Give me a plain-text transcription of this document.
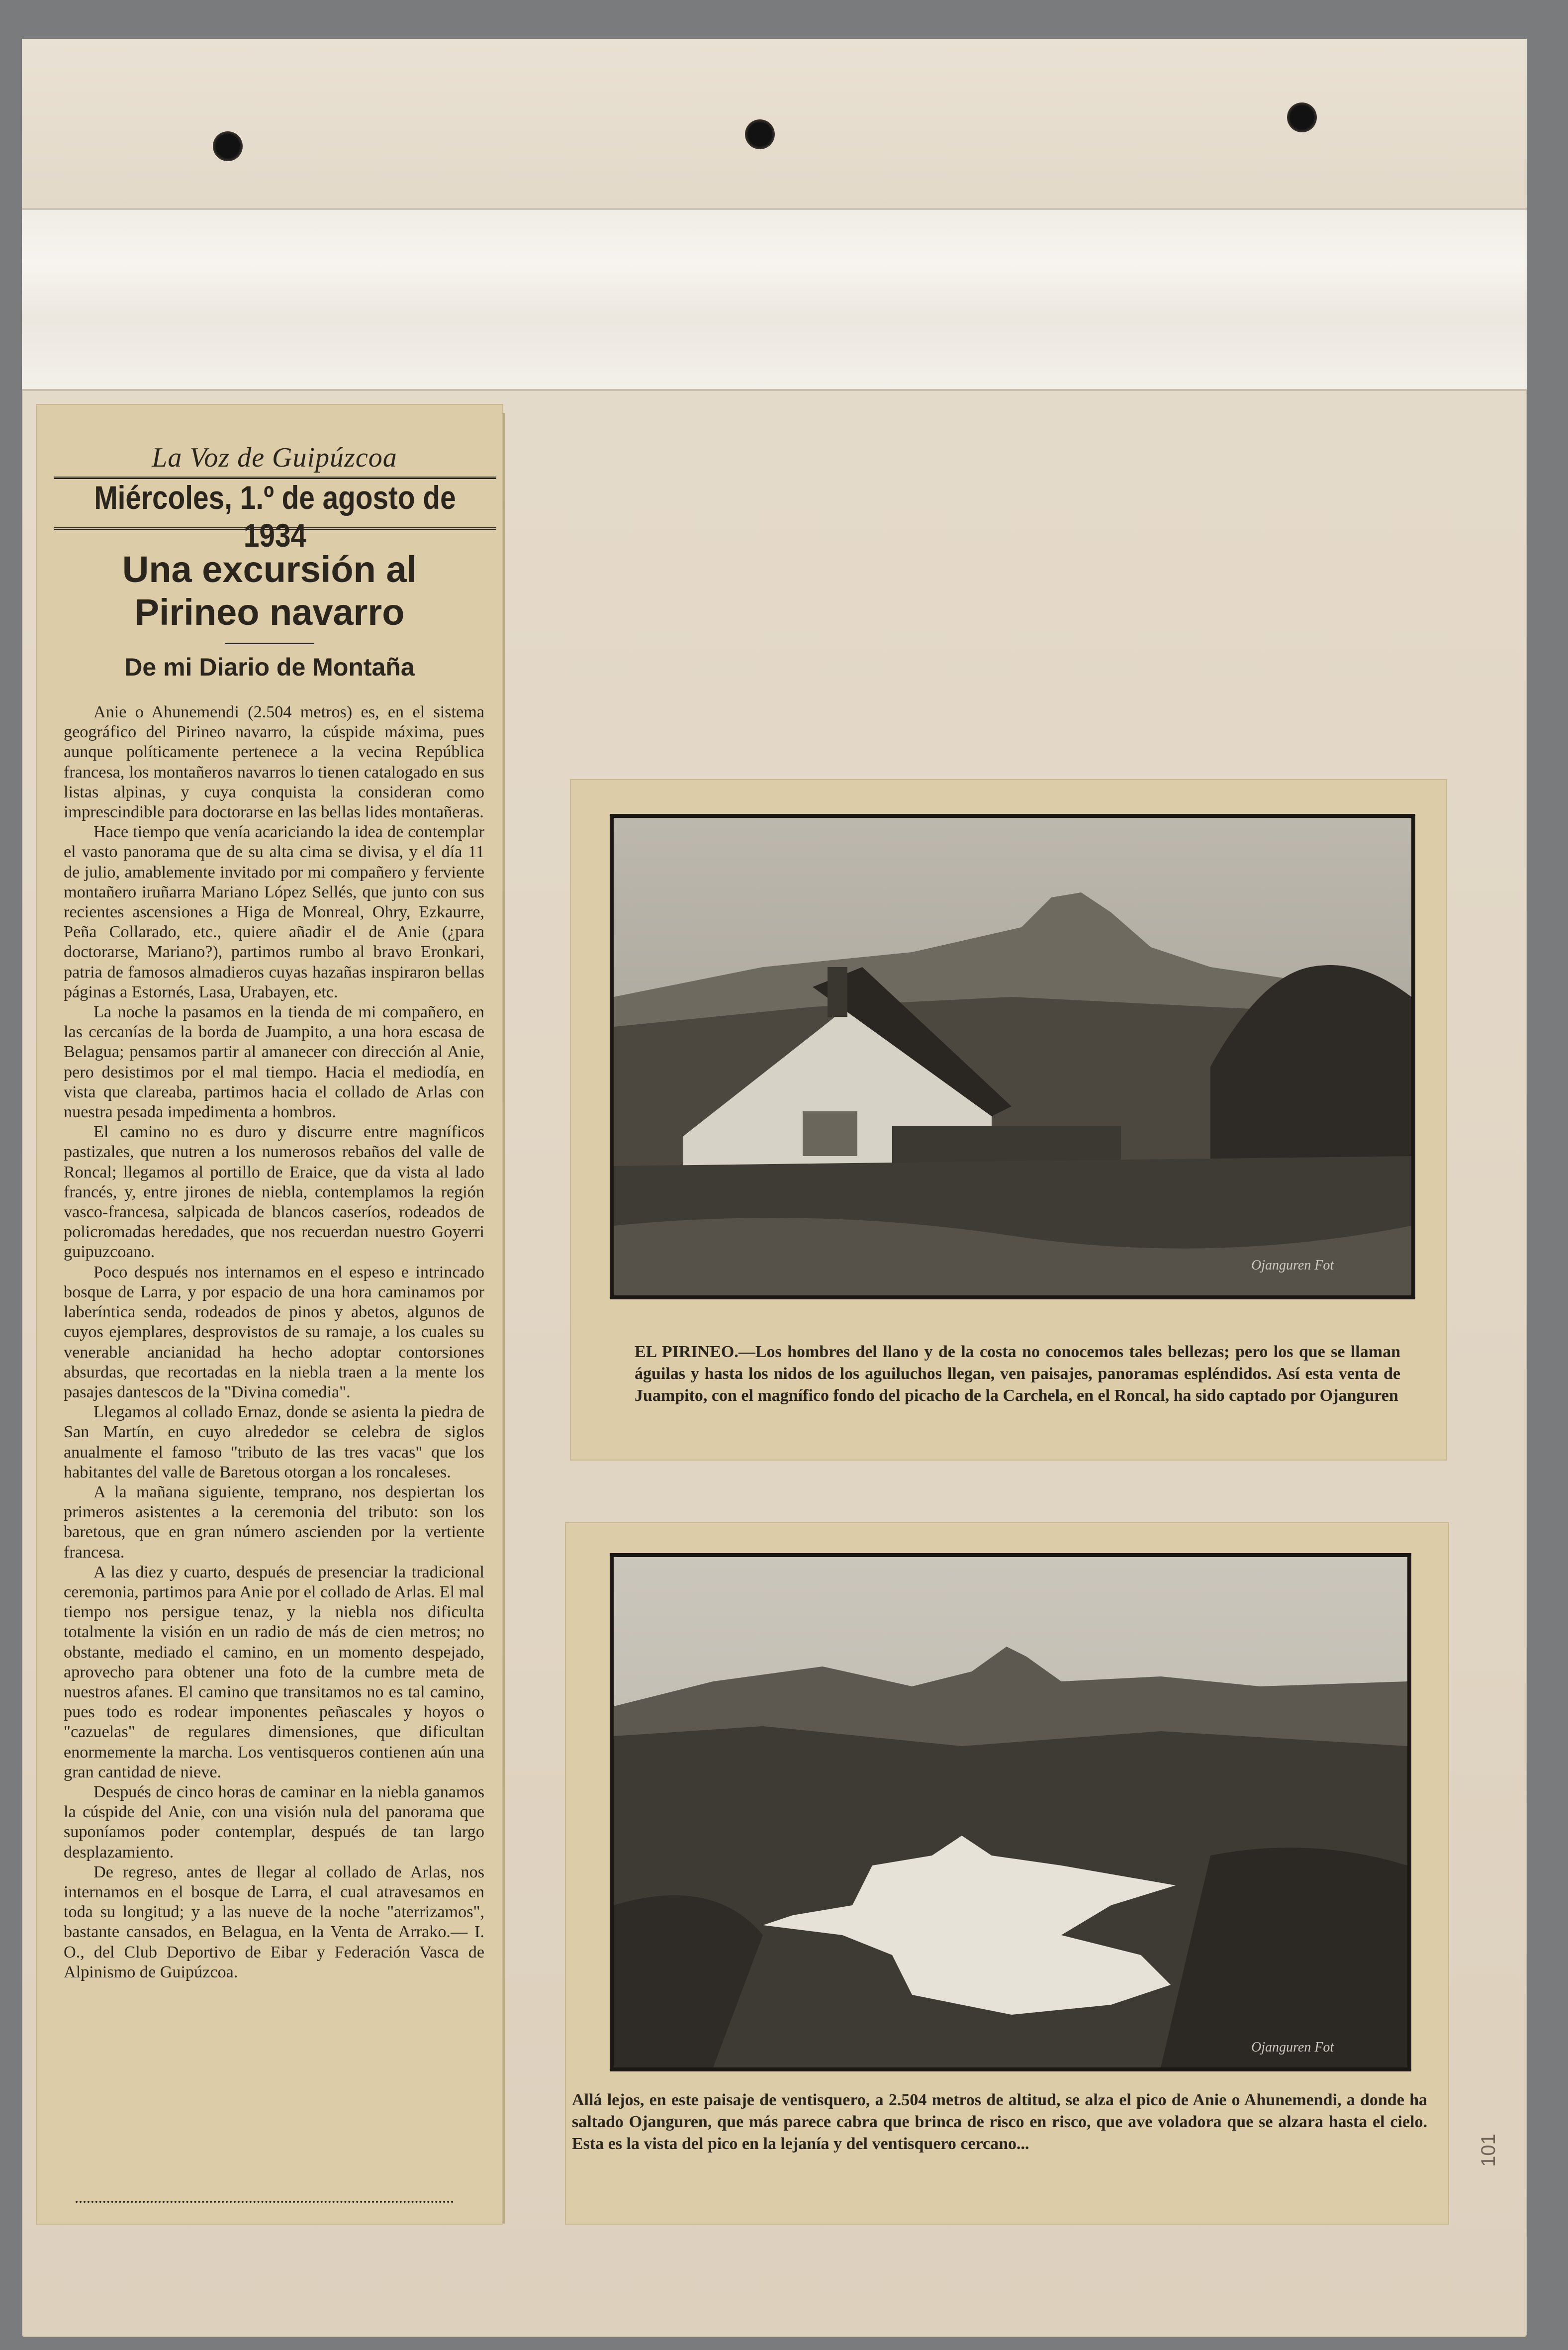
La Voz de Guipúzcoa
Miércoles, 1.º de agosto de 1934
Una excursión al Pirineo navarro
De mi Diario de Montaña

Anie o Ahunemendi (2.504 metros) es, en el sistema geográfico del Pirineo navarro, la cúspide máxima, pues aunque políticamente pertenece a la vecina República francesa, los montañeros navarros lo tienen catalogado en sus listas alpinas, y cuya conquista la consideran como imprescindible para doctorarse en las bellas lides montañeras.

Hace tiempo que venía acariciando la idea de contemplar el vasto panorama que de su alta cima se divisa, y el día 11 de julio, amablemente invitado por mi compañero y ferviente montañero iruñarra Mariano López Sellés, que junto con sus recientes ascensiones a Higa de Monreal, Ohry, Ezkaurre, Peña Collarado, etc., quiere añadir el de Anie (¿para doctorarse, Mariano?), partimos rumbo al bravo Eronkari, patria de famosos almadieros cuyas hazañas inspiraron bellas páginas a Estornés, Lasa, Urabayen, etc.

La noche la pasamos en la tienda de mi compañero, en las cercanías de la borda de Juampito, a una hora escasa de Belagua; pensamos partir al amanecer con dirección al Anie, pero desistimos por el mal tiempo. Hacia el mediodía, en vista que clareaba, partimos hacia el collado de Arlas con nuestra pesada impedimenta a hombros.

El camino no es duro y discurre entre magníficos pastizales, que nutren a los numerosos rebaños del valle de Roncal; llegamos al portillo de Eraice, que da vista al lado francés, y, entre jirones de niebla, contemplamos la región vasco-francesa, salpicada de blancos caseríos, rodeados de policromadas heredades, que nos recuerdan nuestro Goyerri guipuzcoano.

Poco después nos internamos en el espeso e intrincado bosque de Larra, y por espacio de una hora caminamos por laberíntica senda, rodeados de pinos y abetos, algunos de cuyos ejemplares, desprovistos de su ramaje, a los cuales su venerable ancianidad ha hecho adoptar contorsiones absurdas, que recortadas en la niebla traen a la mente los pasajes dantescos de la "Divina comedia".

Llegamos al collado Ernaz, donde se asienta la piedra de San Martín, en cuyo alrededor se celebra de siglos anualmente el famoso "tributo de las tres vacas" que los habitantes del valle de Baretous otorgan a los roncaleses.

A la mañana siguiente, temprano, nos despiertan los primeros asistentes a la ceremonia del tributo: son los baretous, que en gran número ascienden por la vertiente francesa.

A las diez y cuarto, después de presenciar la tradicional ceremonia, partimos para Anie por el collado de Arlas. El mal tiempo nos persigue tenaz, y la niebla nos dificulta totalmente la visión en un radio de más de cien metros; no obstante, mediado el camino, en un momento despejado, aprovecho para obtener una foto de la cumbre meta de nuestros afanes. El camino que transitamos no es tal camino, pues todo es rodear imponentes peñascales y hoyos o "cazuelas" de regulares dimensiones, que dificultan enormemente la marcha. Los ventisqueros contienen aún una gran cantidad de nieve.

Después de cinco horas de caminar en la niebla ganamos la cúspide del Anie, con una visión nula del panorama que suponíamos poder contemplar, después de tan largo desplazamiento.

De regreso, antes de llegar al collado de Arlas, nos internamos en el bosque de Larra, el cual atravesamos en toda su longitud; y a las nueve de la noche "aterrizamos", bastante cansados, en Belagua, en la Venta de Arrako.— I. O., del Club Deportivo de Eibar y Federación Vasca de Alpinismo de Guipúzcoa.

EL PIRINEO.—Los hombres del llano y de la costa no conocemos tales bellezas; pero los que se llaman águilas y hasta los nidos de los aguiluchos llegan, ven paisajes, panoramas espléndidos. Así esta venta de Juampito, con el magnífico fondo del picacho de la Carchela, en el Roncal, ha sido captado por Ojanguren
Ojanguren Fot
Allá lejos, en este paisaje de ventisquero, a 2.504 metros de altitud, se alza el pico de Anie o Ahunemendi, a donde ha saltado Ojanguren, que más parece cabra que brinca de risco en risco, que ave voladora que se alzara hasta el cielo. Esta es la vista del pico en la lejanía y del ventisquero cercano...
Ojanguren Fot
101
